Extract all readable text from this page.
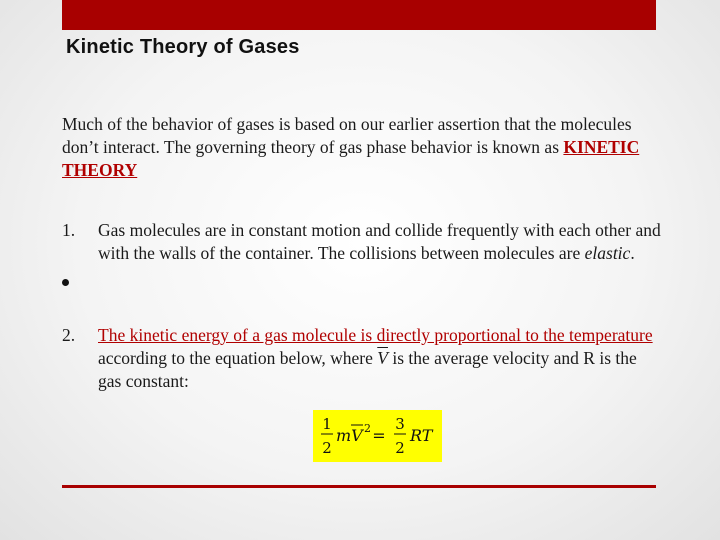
Kinetic Theory of Gases
Much of the behavior of gases is based on our earlier assertion that the molecules don’t interact. The governing theory of gas phase behavior is known as KINETIC THEORY
1. Gas molecules are in constant motion and collide frequently with each other and with the walls of the container. The collisions between molecules are elastic.
2. The kinetic energy of a gas molecule is directly proportional to the temperature according to the equation below, where $\overline{V}$ is the average velocity and R is the gas constant:
1
2
mV 2 =
3
2
RT
